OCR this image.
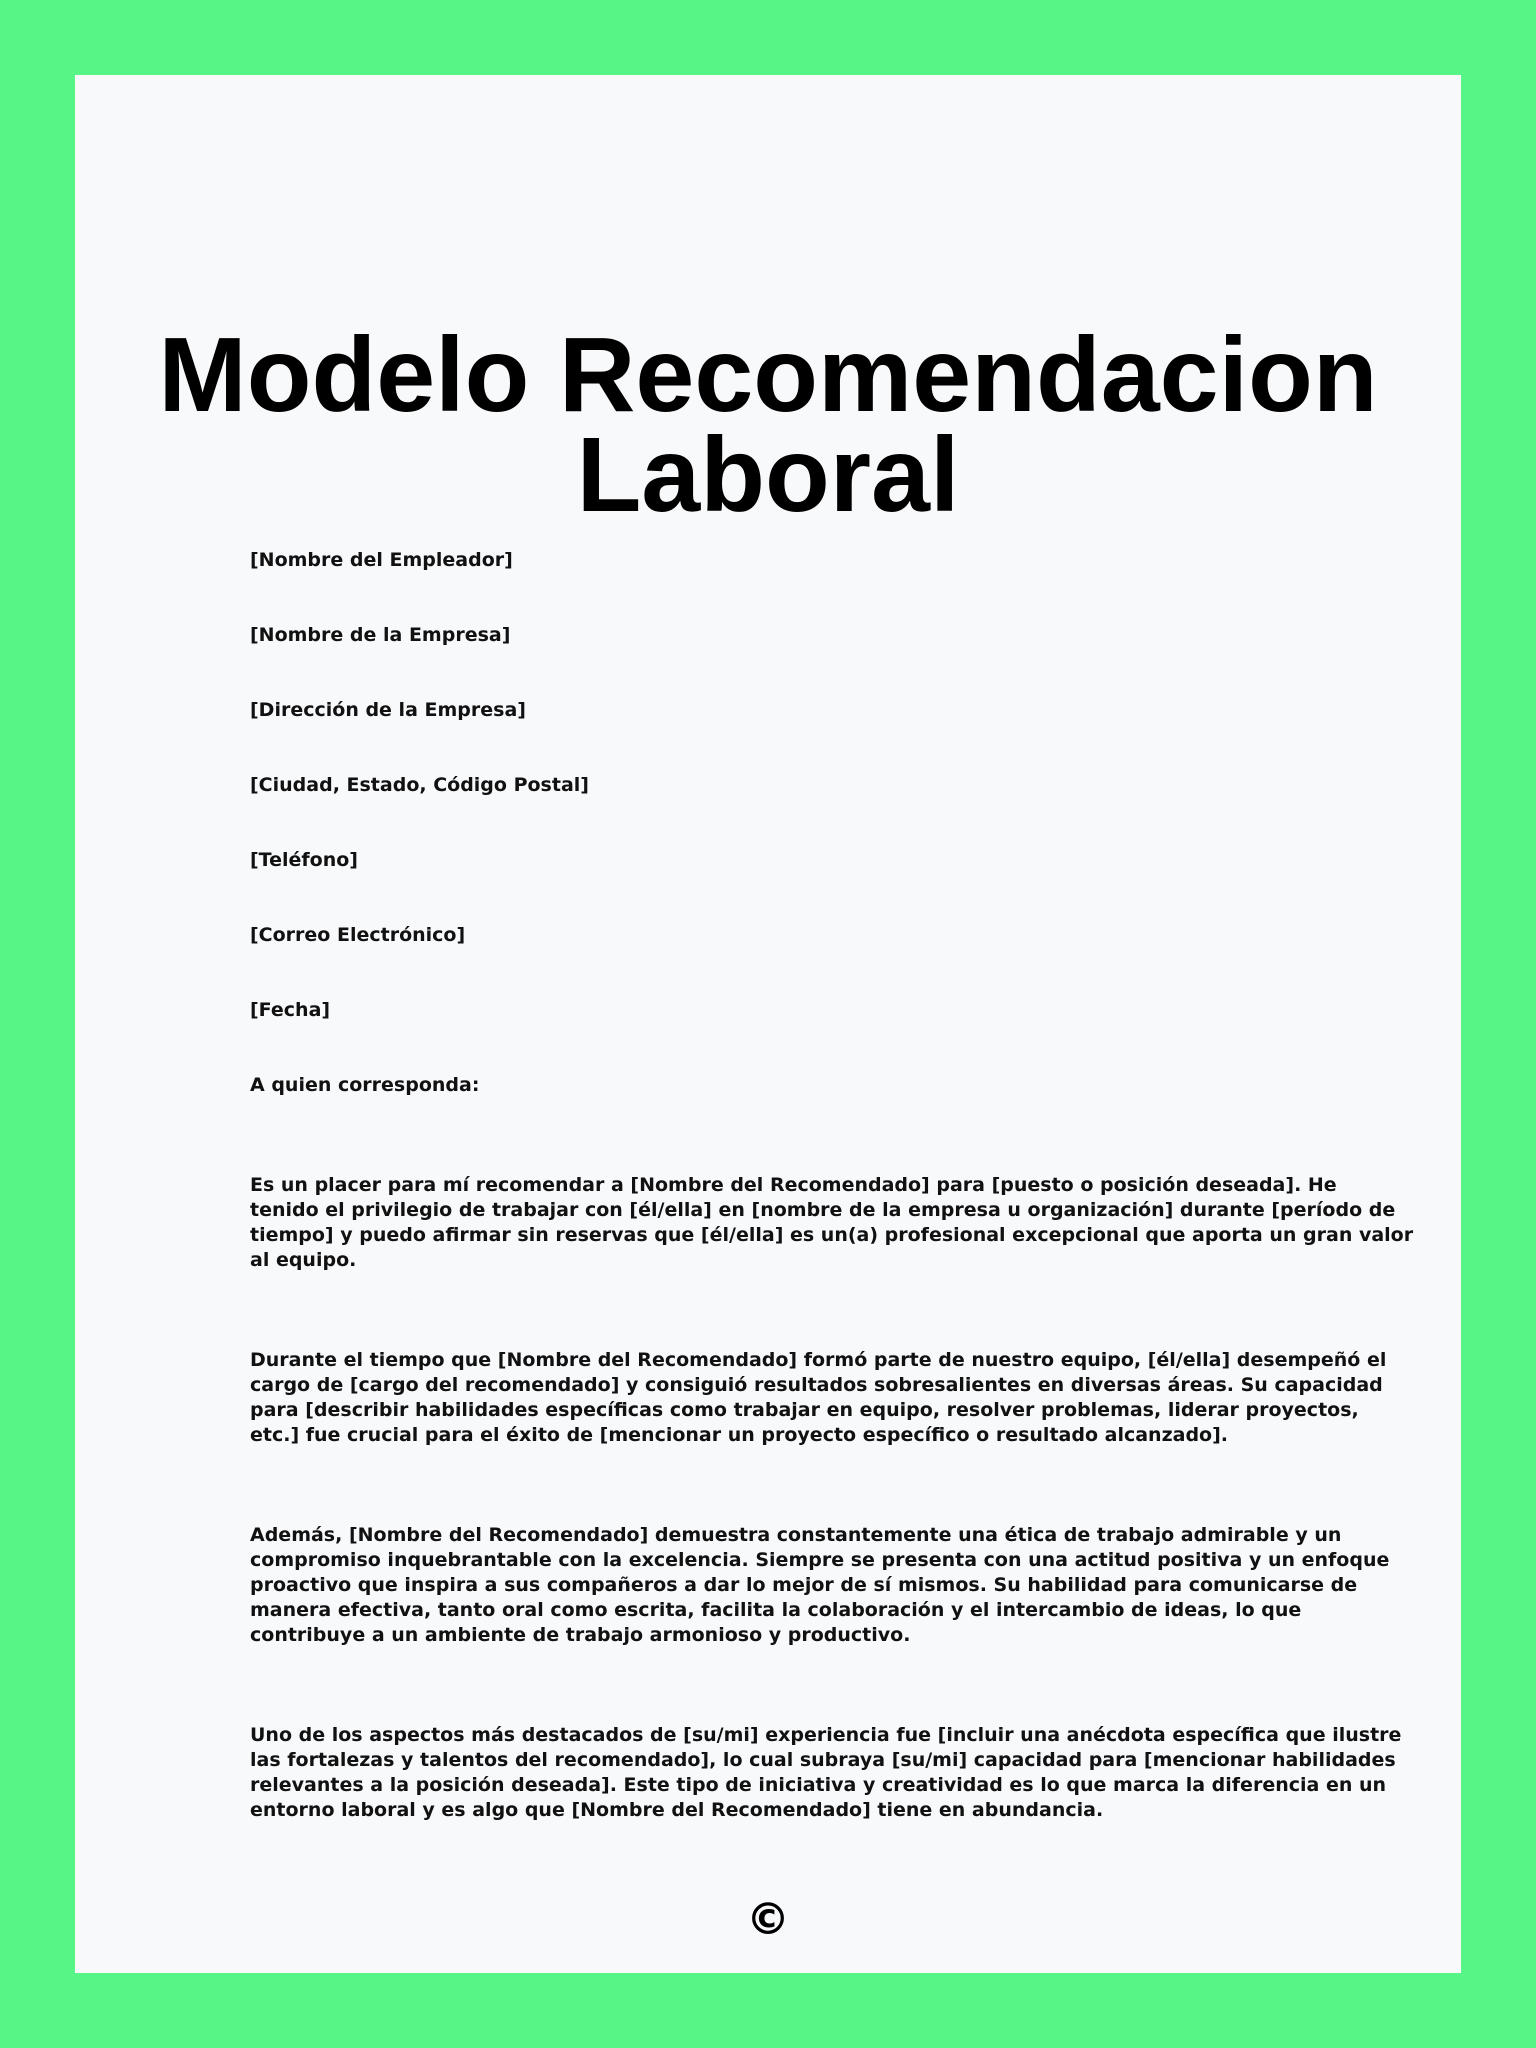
Modelo Recomendacion
Laboral

[Nombre del Empleador]

[Nombre de la Empresa]

[Dirección de la Empresa]

[Ciudad, Estado, Código Postal]

[Teléfono]

[Correo Electrónico]

[Fecha]

A quien corresponda:

Es un placer para mí recomendar a [Nombre del Recomendado] para [puesto o posición deseada]. He
tenido el privilegio de trabajar con [él/ella] en [nombre de la empresa u organización] durante [período de
tiempo] y puedo afirmar sin reservas que [él/ella] es un(a) profesional excepcional que aporta un gran valor
al equipo.
Durante el tiempo que [Nombre del Recomendado] formó parte de nuestro equipo, [él/ella] desempeñó el
cargo de [cargo del recomendado] y consiguió resultados sobresalientes en diversas áreas. Su capacidad
para [describir habilidades específicas como trabajar en equipo, resolver problemas, liderar proyectos,
etc.] fue crucial para el éxito de [mencionar un proyecto específico o resultado alcanzado].
Además, [Nombre del Recomendado] demuestra constantemente una ética de trabajo admirable y un
compromiso inquebrantable con la excelencia. Siempre se presenta con una actitud positiva y un enfoque
proactivo que inspira a sus compañeros a dar lo mejor de sí mismos. Su habilidad para comunicarse de
manera efectiva, tanto oral como escrita, facilita la colaboración y el intercambio de ideas, lo que
contribuye a un ambiente de trabajo armonioso y productivo.
Uno de los aspectos más destacados de [su/mi] experiencia fue [incluir una anécdota específica que ilustre
las fortalezas y talentos del recomendado], lo cual subraya [su/mi] capacidad para [mencionar habilidades
relevantes a la posición deseada]. Este tipo de iniciativa y creatividad es lo que marca la diferencia en un
entorno laboral y es algo que [Nombre del Recomendado] tiene en abundancia.
©
